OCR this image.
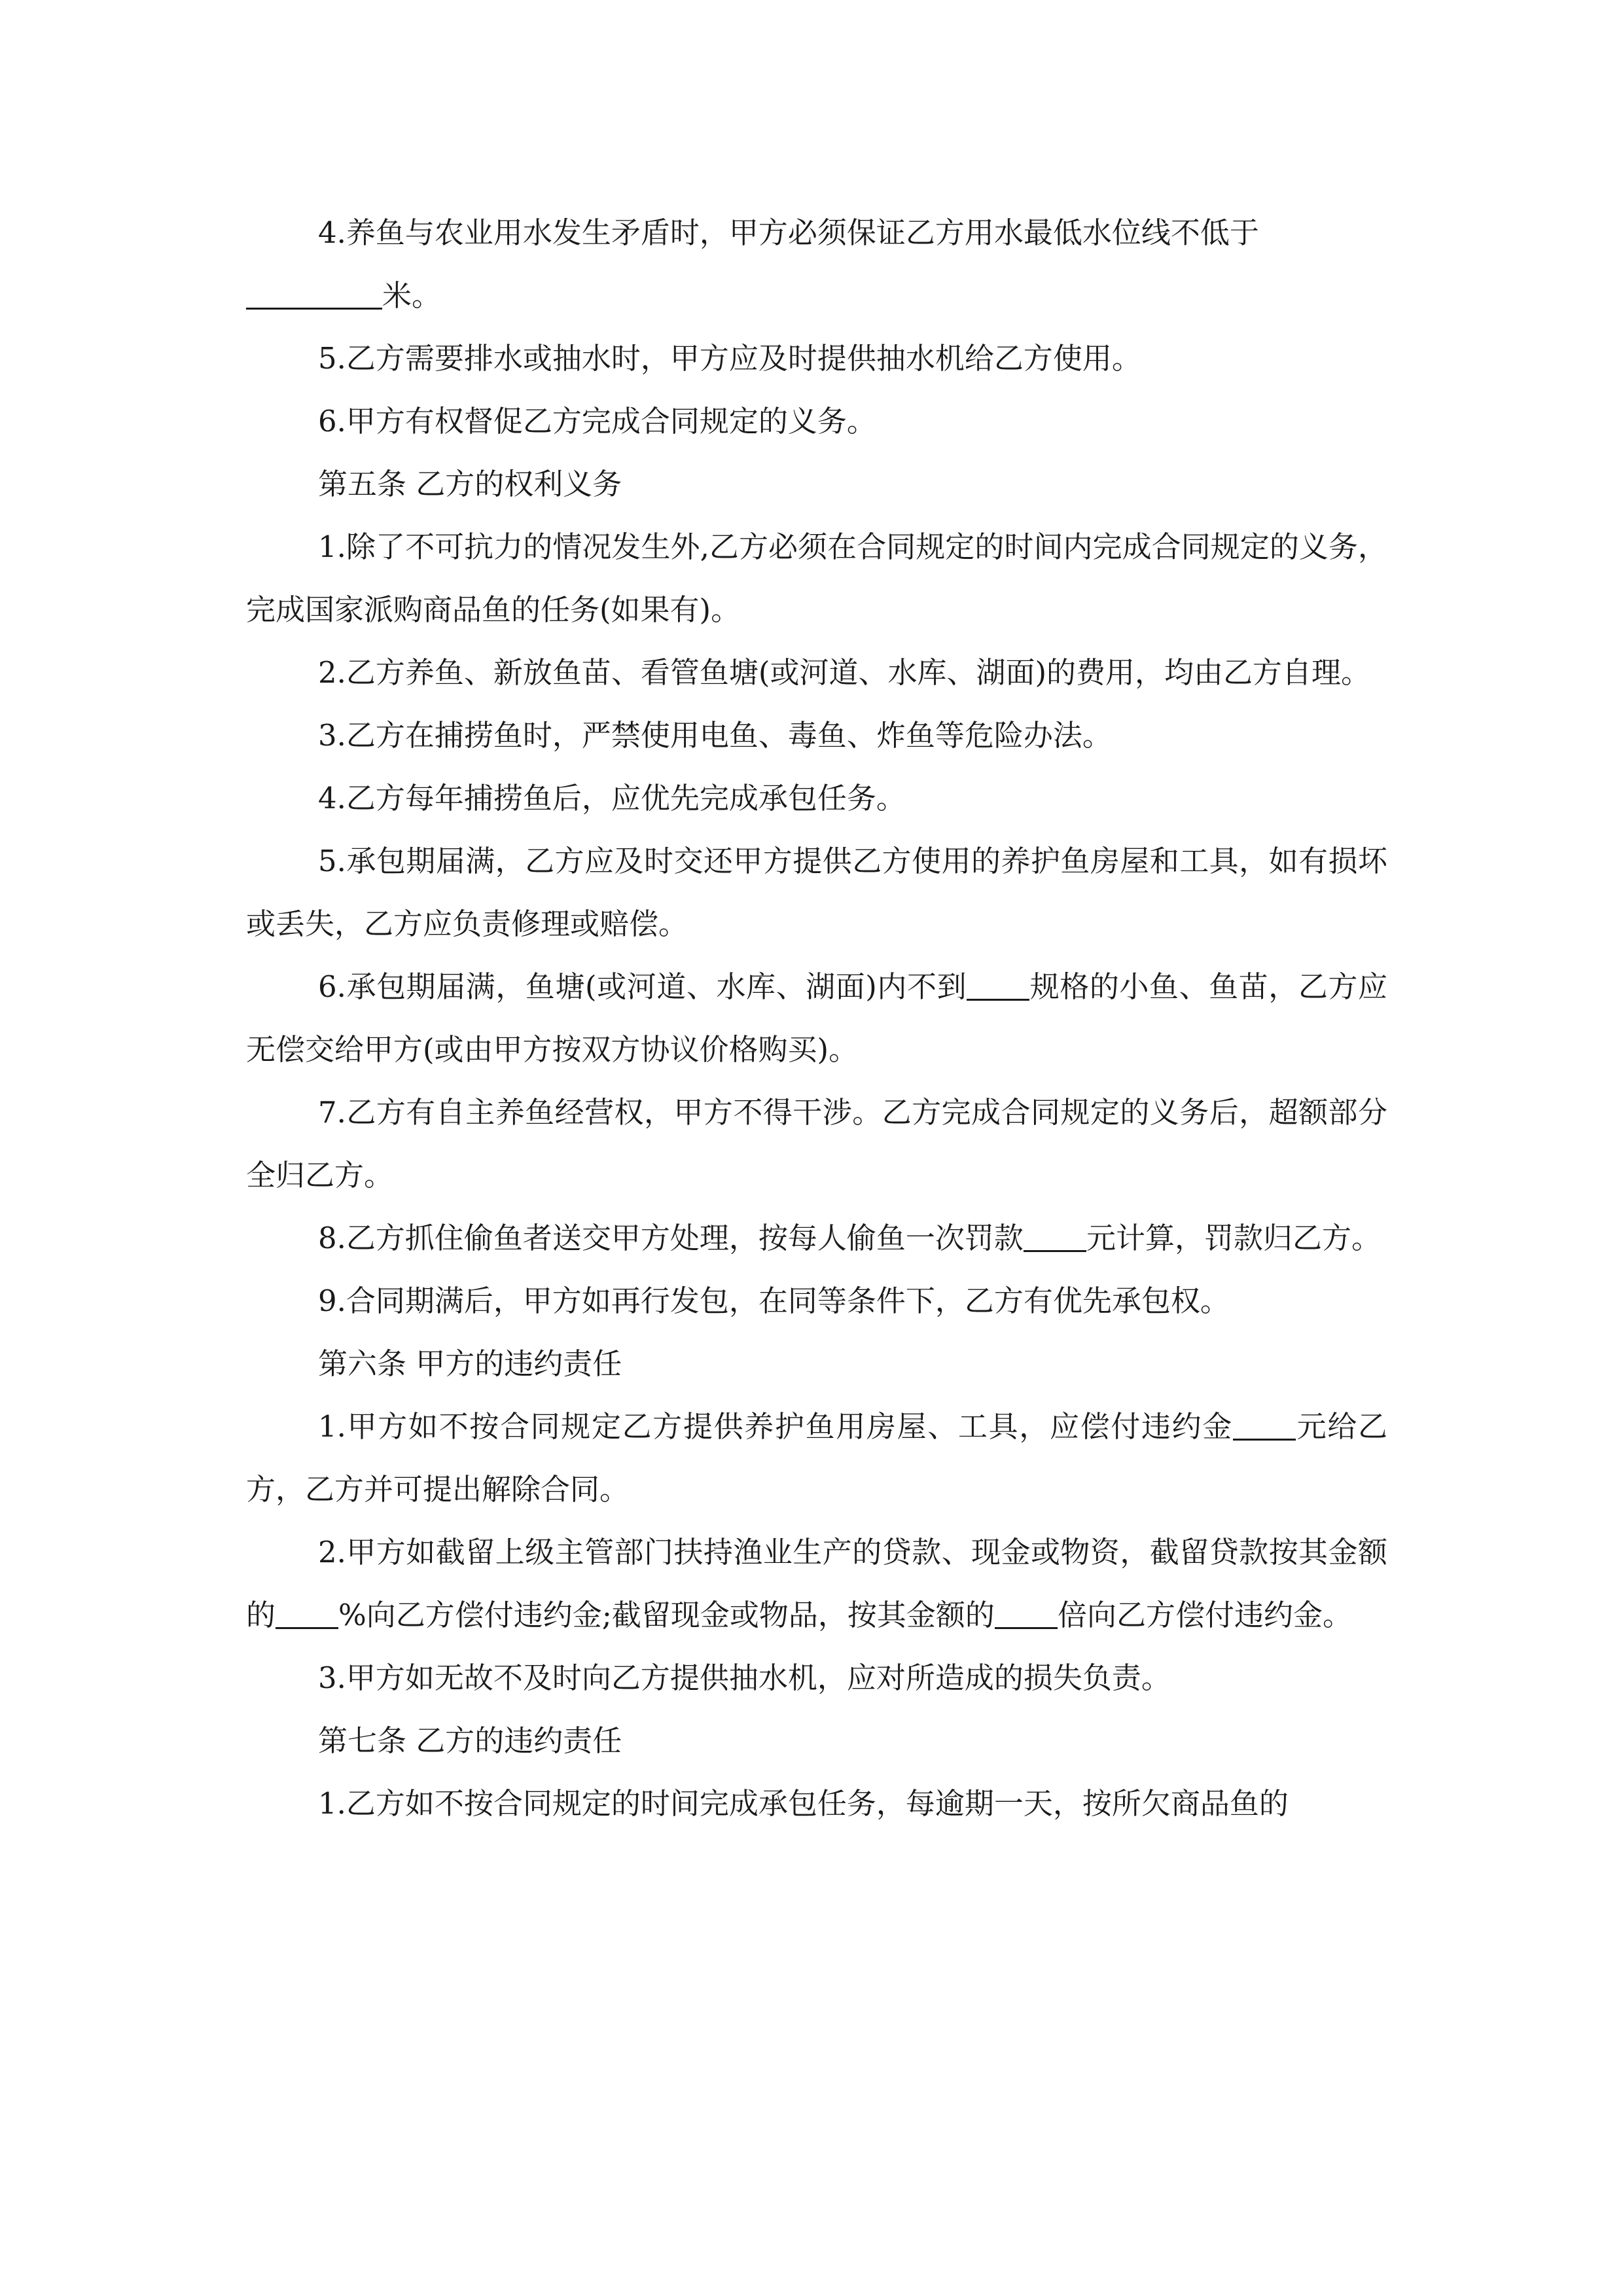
4.养鱼与农业用水发生矛盾时，甲方必须保证乙方用水最低水位线不低于
米。

5.乙方需要排水或抽水时，甲方应及时提供抽水机给乙方使用。

6.甲方有权督促乙方完成合同规定的义务。

第五条 乙方的权利义务

1.除了不可抗力的情况发生外,乙方必须在合同规定的时间内完成合同规定的义务，完成国家派购商品鱼的任务(如果有)。

2.乙方养鱼、新放鱼苗、看管鱼塘(或河道、水库、湖面)的费用，均由乙方自理。

3.乙方在捕捞鱼时，严禁使用电鱼、毒鱼、炸鱼等危险办法。

4.乙方每年捕捞鱼后，应优先完成承包任务。

5.承包期届满，乙方应及时交还甲方提供乙方使用的养护鱼房屋和工具，如有损坏或丢失，乙方应负责修理或赔偿。

6.承包期届满，鱼塘(或河道、水库、湖面)内不到 规格的小鱼、鱼苗，乙方应无偿交给甲方(或由甲方按双方协议价格购买)。

7.乙方有自主养鱼经营权，甲方不得干涉。乙方完成合同规定的义务后，超额部分全归乙方。

8.乙方抓住偷鱼者送交甲方处理，按每人偷鱼一次罚款 元计算，罚款归乙方。

9.合同期满后，甲方如再行发包，在同等条件下，乙方有优先承包权。

第六条 甲方的违约责任

1.甲方如不按合同规定乙方提供养护鱼用房屋、工具，应偿付违约金 元给乙方，乙方并可提出解除合同。

2.甲方如截留上级主管部门扶持渔业生产的贷款、现金或物资，截留贷款按其金额的 %向乙方偿付违约金;截留现金或物品，按其金额的 倍向乙方偿付违约金。

3.甲方如无故不及时向乙方提供抽水机，应对所造成的损失负责。

第七条 乙方的违约责任

1.乙方如不按合同规定的时间完成承包任务，每逾期一天，按所欠商品鱼的
